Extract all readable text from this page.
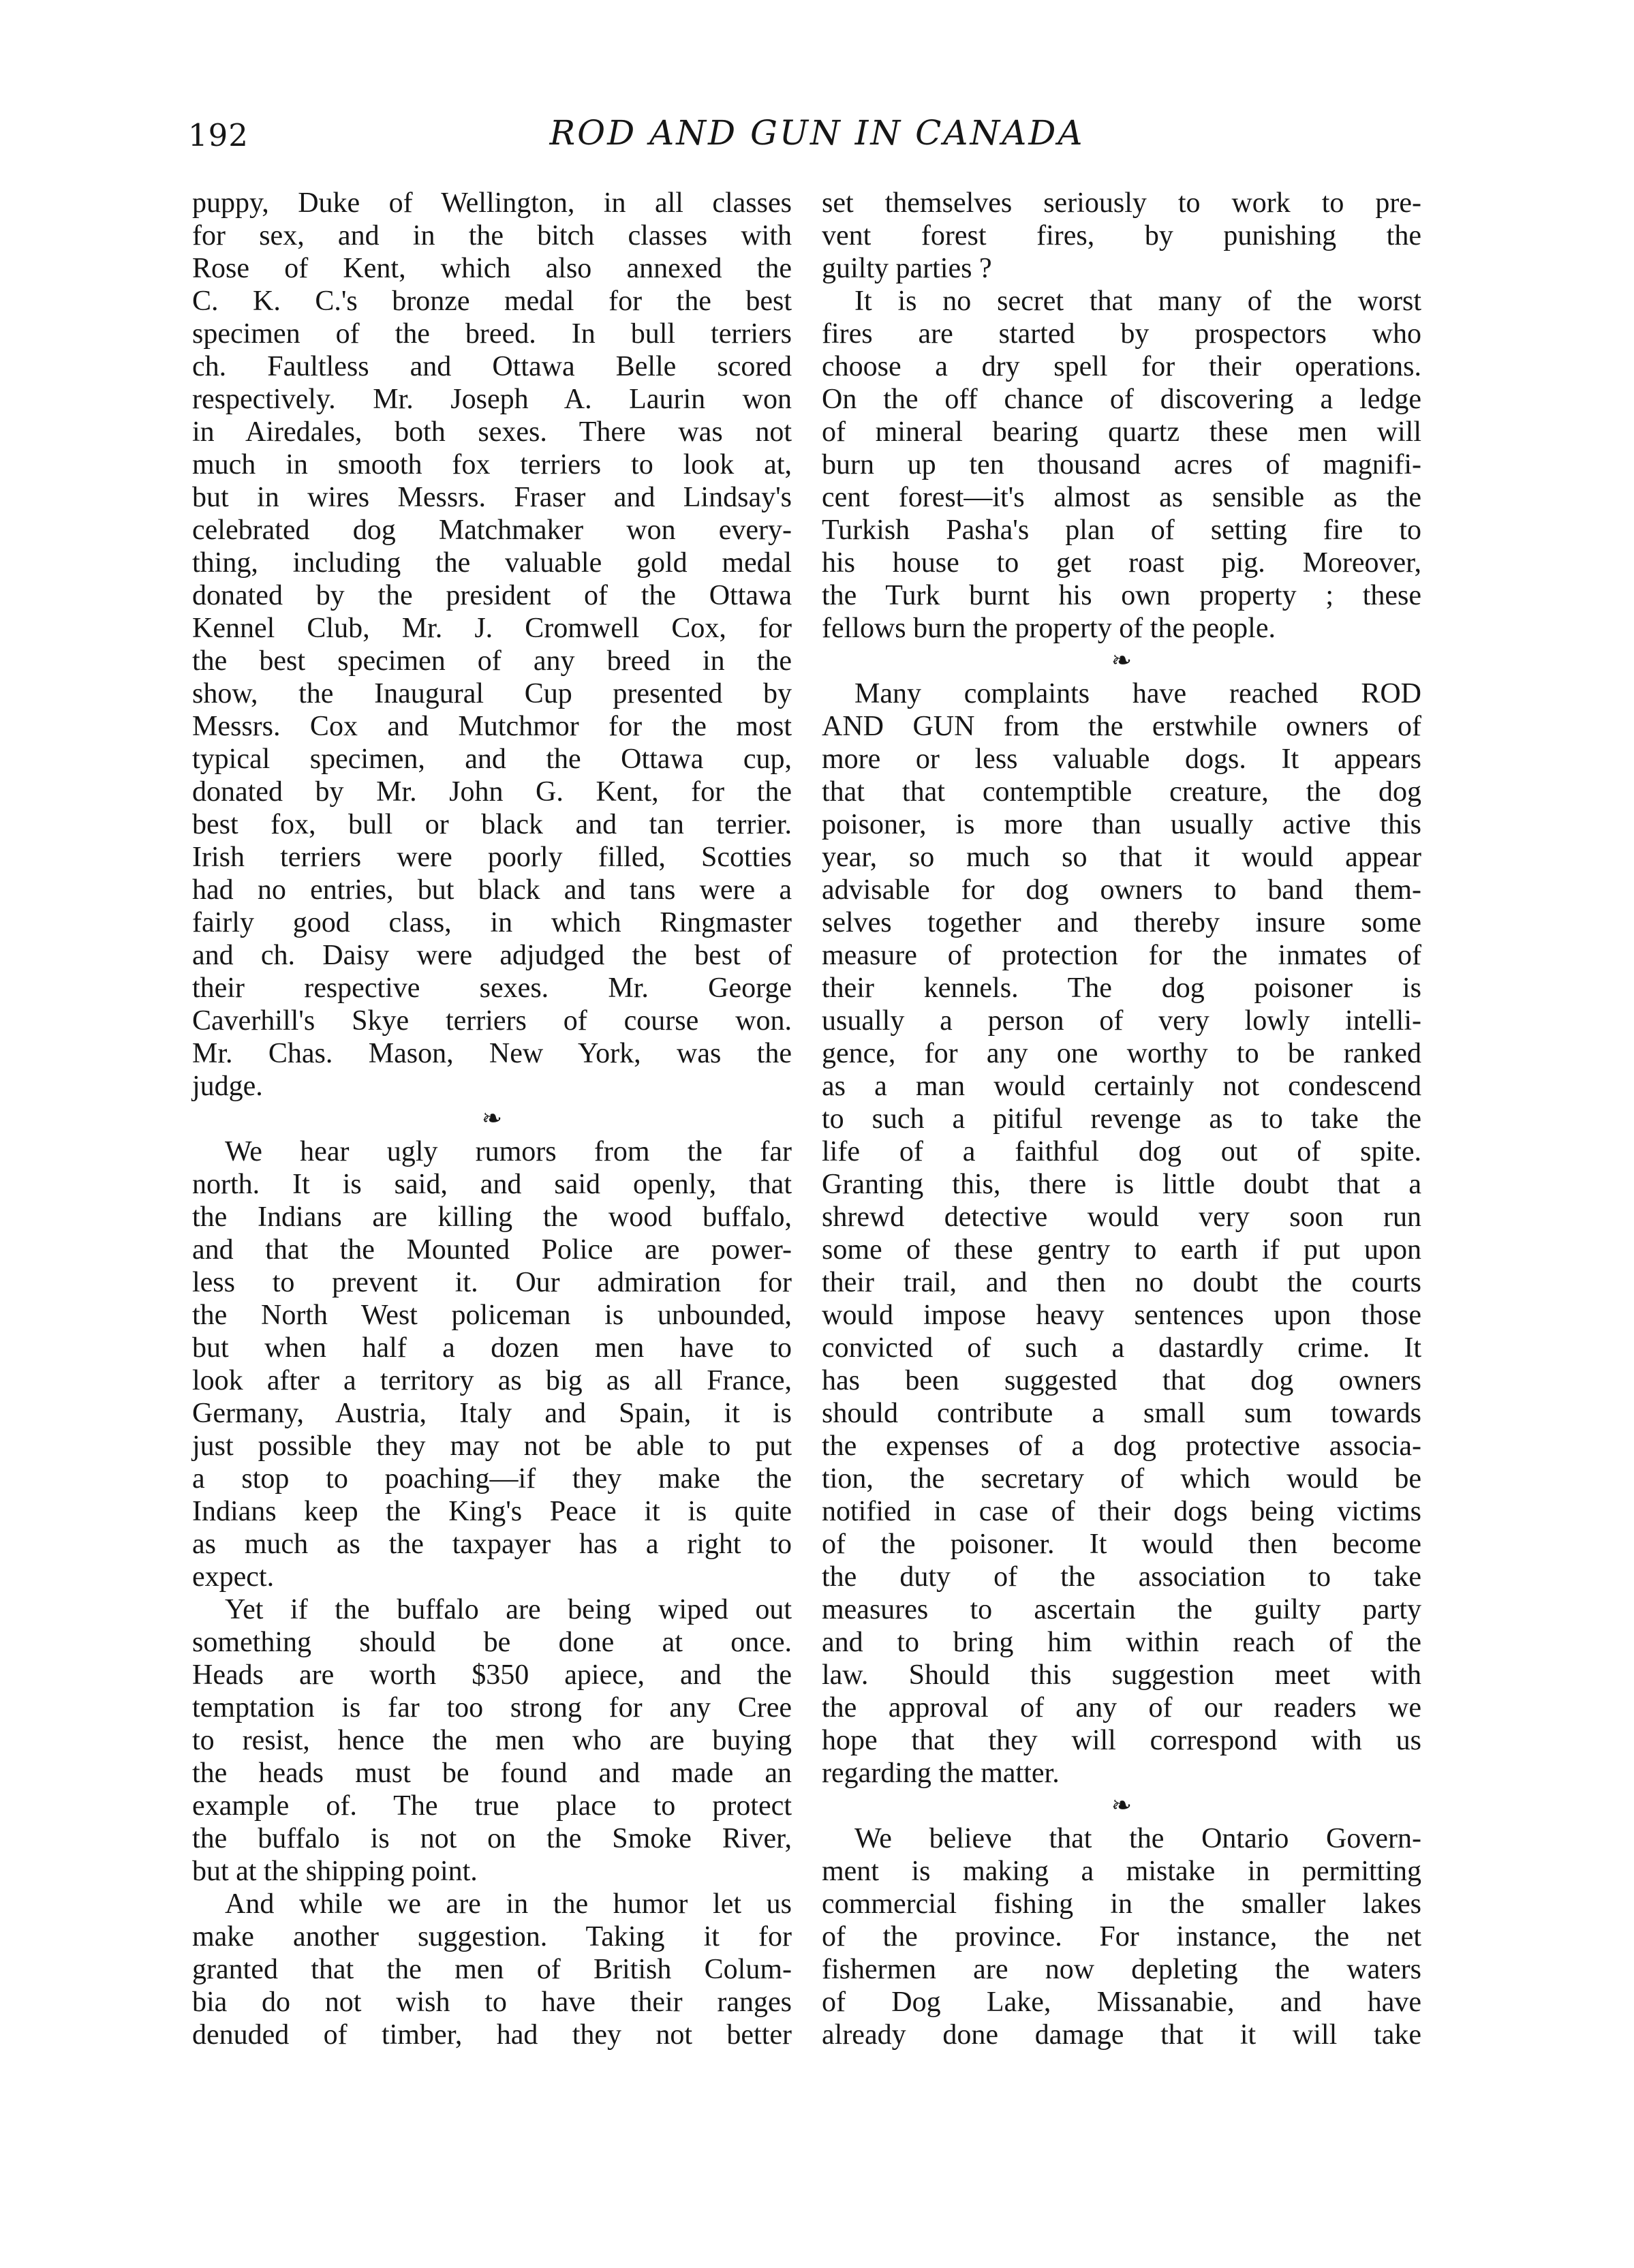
192	ROD AND GUN IN CANADA
puppy, Duke of Wellington, in all classes
for sex, and in the bitch classes with
Rose of Kent, which also annexed the
C. K. C.'s bronze medal for the best
specimen of the breed. In bull terriers
ch. Faultless and Ottawa Belle scored
respectively. Mr. Joseph A. Laurin won
in Airedales, both sexes. There was not
much in smooth fox terriers to look at,
but in wires Messrs. Fraser and Lindsay's
celebrated dog Matchmaker won every-
thing, including the valuable gold medal
donated by the president of the Ottawa
Kennel Club, Mr. J. Cromwell Cox, for
the best specimen of any breed in the
show, the Inaugural Cup presented by
Messrs. Cox and Mutchmor for the most
typical specimen, and the Ottawa cup,
donated by Mr. John G. Kent, for the
best fox, bull or black and tan terrier.
Irish terriers were poorly filled, Scotties
had no entries, but black and tans were a
fairly good class, in which Ringmaster
and ch. Daisy were adjudged the best of
their respective sexes. Mr. George
Caverhill's Skye terriers of course won.
Mr. Chas. Mason, New York, was the
judge.
❧
We hear ugly rumors from the far
north. It is said, and said openly, that
the Indians are killing the wood buffalo,
and that the Mounted Police are power-
less to prevent it. Our admiration for
the North West policeman is unbounded,
but when half a dozen men have to
look after a territory as big as all France,
Germany, Austria, Italy and Spain, it is
just possible they may not be able to put
a stop to poaching—if they make the
Indians keep the King's Peace it is quite
as much as the taxpayer has a right to
expect.
Yet if the buffalo are being wiped out
something should be done at once.
Heads are worth $350 apiece, and the
temptation is far too strong for any Cree
to resist, hence the men who are buying
the heads must be found and made an
example of. The true place to protect
the buffalo is not on the Smoke River,
but at the shipping point.
And while we are in the humor let us
make another suggestion. Taking it for
granted that the men of British Colum-
bia do not wish to have their ranges
denuded of timber, had they not better
set themselves seriously to work to pre-
vent forest fires, by punishing the
guilty parties ?
It is no secret that many of the worst
fires are started by prospectors who
choose a dry spell for their operations.
On the off chance of discovering a ledge
of mineral bearing quartz these men will
burn up ten thousand acres of magnifi-
cent forest—it's almost as sensible as the
Turkish Pasha's plan of setting fire to
his house to get roast pig. Moreover,
the Turk burnt his own property ; these
fellows burn the property of the people.
❧
Many complaints have reached ROD
AND GUN from the erstwhile owners of
more or less valuable dogs. It appears
that that contemptible creature, the dog
poisoner, is more than usually active this
year, so much so that it would appear
advisable for dog owners to band them-
selves together and thereby insure some
measure of protection for the inmates of
their kennels. The dog poisoner is
usually a person of very lowly intelli-
gence, for any one worthy to be ranked
as a man would certainly not condescend
to such a pitiful revenge as to take the
life of a faithful dog out of spite.
Granting this, there is little doubt that a
shrewd detective would very soon run
some of these gentry to earth if put upon
their trail, and then no doubt the courts
would impose heavy sentences upon those
convicted of such a dastardly crime. It
has been suggested that dog owners
should contribute a small sum towards
the expenses of a dog protective associa-
tion, the secretary of which would be
notified in case of their dogs being victims
of the poisoner. It would then become
the duty of the association to take
measures to ascertain the guilty party
and to bring him within reach of the
law. Should this suggestion meet with
the approval of any of our readers we
hope that they will correspond with us
regarding the matter.
❧
We believe that the Ontario Govern-
ment is making a mistake in permitting
commercial fishing in the smaller lakes
of the province. For instance, the net
fishermen are now depleting the waters
of Dog Lake, Missanabie, and have
already done damage that it will take
